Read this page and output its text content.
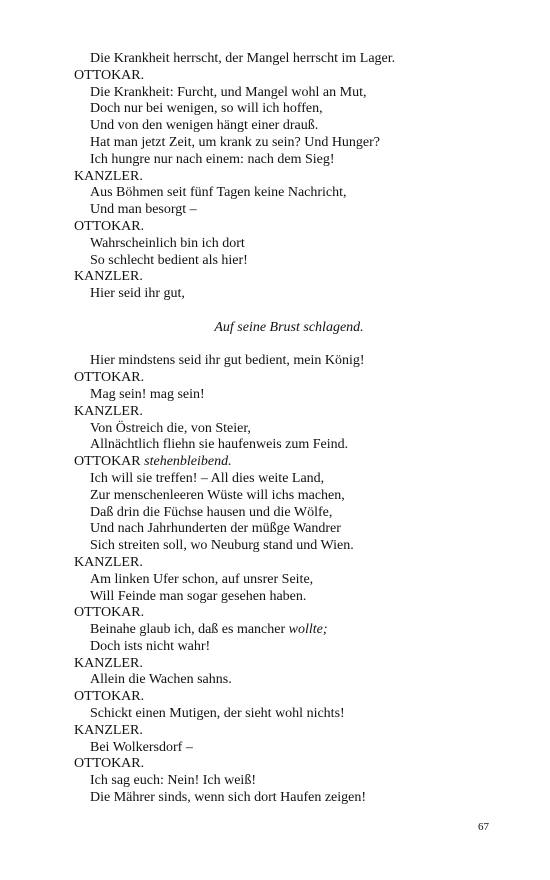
Die Krankheit herrscht, der Mangel herrscht im Lager.
OTTOKAR.
Die Krankheit: Furcht, und Mangel wohl an Mut,
Doch nur bei wenigen, so will ich hoffen,
Und von den wenigen hängt einer drauß.
Hat man jetzt Zeit, um krank zu sein? Und Hunger?
Ich hungre nur nach einem: nach dem Sieg!
KANZLER.
Aus Böhmen seit fünf Tagen keine Nachricht,
Und man besorgt –
OTTOKAR.
Wahrscheinlich bin ich dort
So schlecht bedient als hier!
KANZLER.
Hier seid ihr gut,
Auf seine Brust schlagend.
Hier mindstens seid ihr gut bedient, mein König!
OTTOKAR.
Mag sein! mag sein!
KANZLER.
Von Östreich die, von Steier,
Allnächtlich fliehn sie haufenweis zum Feind.
OTTOKAR stehenbleibend.
Ich will sie treffen! – All dies weite Land,
Zur menschenleeren Wüste will ichs machen,
Daß drin die Füchse hausen und die Wölfe,
Und nach Jahrhunderten der müßge Wandrer
Sich streiten soll, wo Neuburg stand und Wien.
KANZLER.
Am linken Ufer schon, auf unsrer Seite,
Will Feinde man sogar gesehen haben.
OTTOKAR.
Beinahe glaub ich, daß es mancher wollte;
Doch ists nicht wahr!
KANZLER.
Allein die Wachen sahns.
OTTOKAR.
Schickt einen Mutigen, der sieht wohl nichts!
KANZLER.
Bei Wolkersdorf –
OTTOKAR.
Ich sag euch: Nein! Ich weiß!
Die Mährer sinds, wenn sich dort Haufen zeigen!
67
